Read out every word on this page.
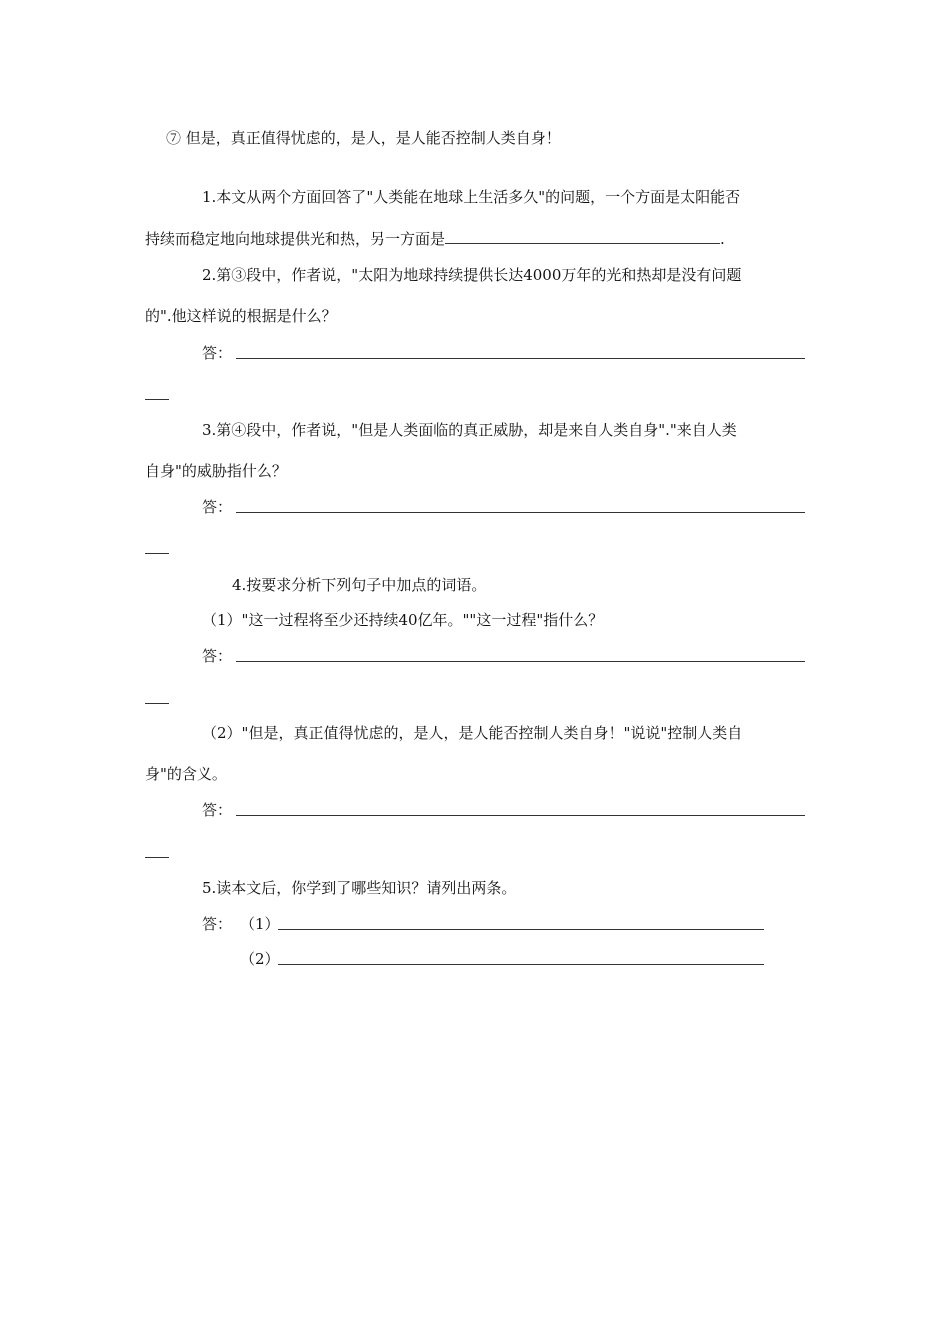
⑦ 但是，真正值得忧虑的，是人，是人能否控制人类自身！
1.本文从两个方面回答了"人类能在地球上生活多久"的问题，一个方面是太阳能否
持续而稳定地向地球提供光和热，另一方面是	.
2.第③段中，作者说，"太阳为地球持续提供长达4000万年的光和热却是没有问题
的".他这样说的根据是什么？
答：
3.第④段中，作者说，"但是人类面临的真正威胁，却是来自人类自身"."来自人类
自身"的威胁指什么？
答：
4.按要求分析下列句子中加点的词语。
（1）"这一过程将至少还持续40亿年。""这一过程"指什么？
答：
（2）"但是，真正值得忧虑的，是人，是人能否控制人类自身！"说说"控制人类自
身"的含义。
答：
5.读本文后，你学到了哪些知识？请列出两条。
答： （1）
（2）
